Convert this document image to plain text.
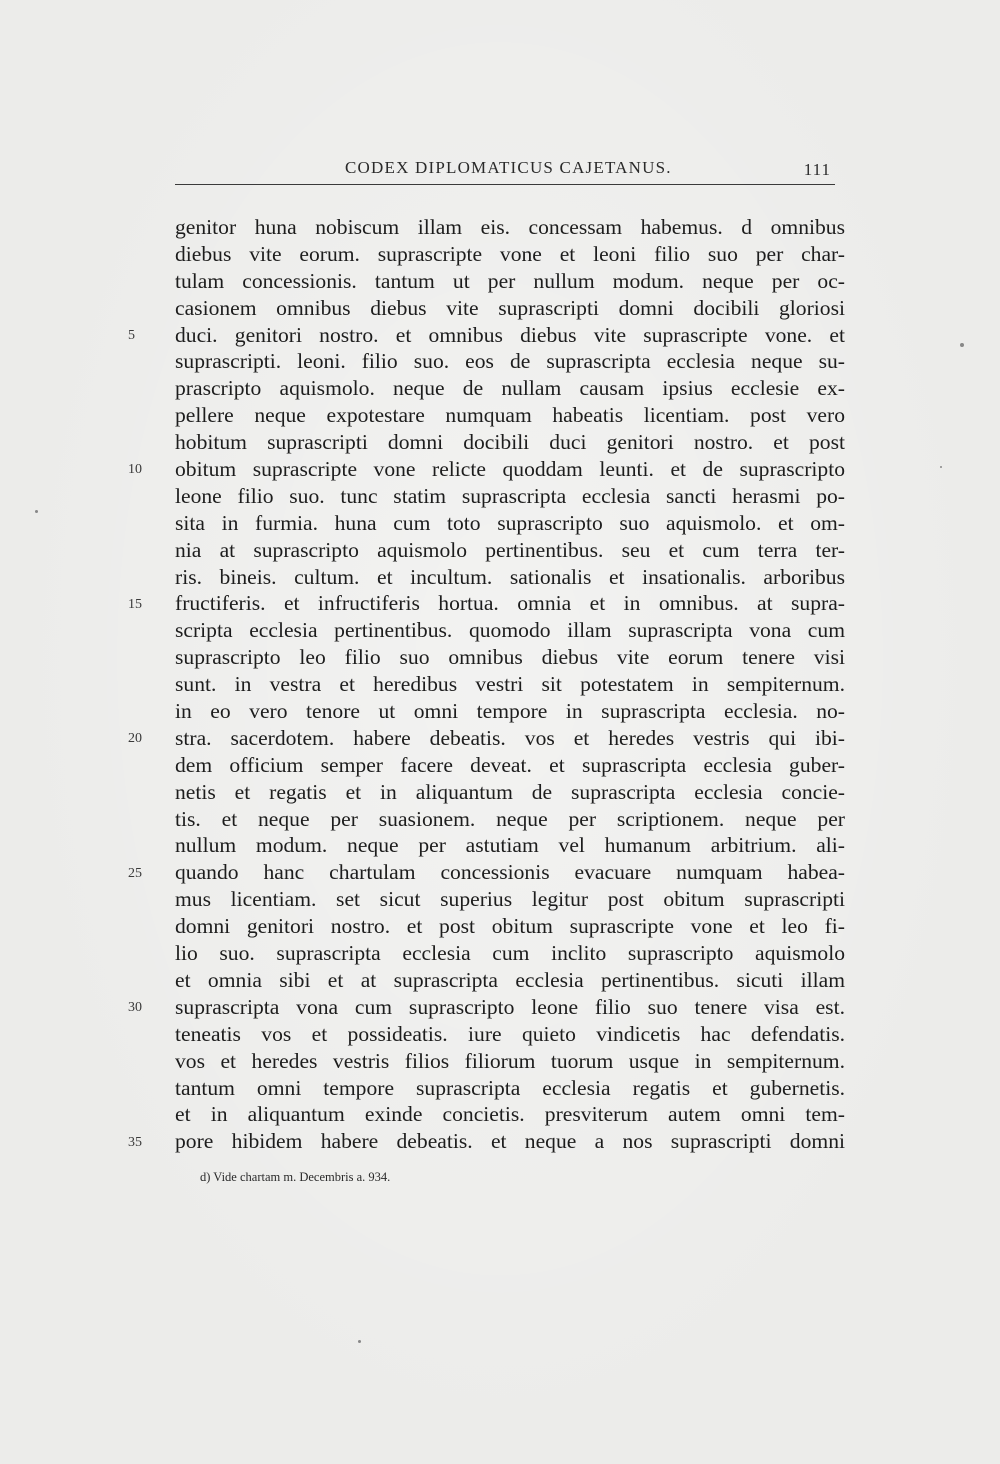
CODEX DIPLOMATICUS CAJETANUS.	111
5
10
15
20
25
30
35
genitor huna nobiscum illam eis. concessam habemus. d omnibus
diebus vite eorum. suprascripte vone et leoni filio suo per char-
tulam concessionis. tantum ut per nullum modum. neque per oc-
casionem omnibus diebus vite suprascripti domni docibili gloriosi
duci. genitori nostro. et omnibus diebus vite suprascripte vone. et
suprascripti. leoni. filio suo. eos de suprascripta ecclesia neque su-
prascripto aquismolo. neque de nullam causam ipsius ecclesie ex-
pellere neque expotestare numquam habeatis licentiam. post vero
hobitum suprascripti domni docibili duci genitori nostro. et post
obitum suprascripte vone relicte quoddam leunti. et de suprascripto
leone filio suo. tunc statim suprascripta ecclesia sancti herasmi po-
sita in furmia. huna cum toto suprascripto suo aquismolo. et om-
nia at suprascripto aquismolo pertinentibus. seu et cum terra ter-
ris. bineis. cultum. et incultum. sationalis et insationalis. arboribus
fructiferis. et infructiferis hortua. omnia et in omnibus. at supra-
scripta ecclesia pertinentibus. quomodo illam suprascripta vona cum
suprascripto leo filio suo omnibus diebus vite eorum tenere visi
sunt. in vestra et heredibus vestri sit potestatem in sempiternum.
in eo vero tenore ut omni tempore in suprascripta ecclesia. no-
stra. sacerdotem. habere debeatis. vos et heredes vestris qui ibi-
dem officium semper facere deveat. et suprascripta ecclesia guber-
netis et regatis et in aliquantum de suprascripta ecclesia concie-
tis. et neque per suasionem. neque per scriptionem. neque per
nullum modum. neque per astutiam vel humanum arbitrium. ali-
quando hanc chartulam concessionis evacuare numquam habea-
mus licentiam. set sicut superius legitur post obitum suprascripti
domni genitori nostro. et post obitum suprascripte vone et leo fi-
lio suo. suprascripta ecclesia cum inclito suprascripto aquismolo
et omnia sibi et at suprascripta ecclesia pertinentibus. sicuti illam
suprascripta vona cum suprascripto leone filio suo tenere visa est.
teneatis vos et possideatis. iure quieto vindicetis hac defendatis.
vos et heredes vestris filios filiorum tuorum usque in sempiternum.
tantum omni tempore suprascripta ecclesia regatis et gubernetis.
et in aliquantum exinde concietis. presviterum autem omni tem-
pore hibidem habere debeatis. et neque a nos suprascripti domni
d) Vide chartam m. Decembris a. 934.
